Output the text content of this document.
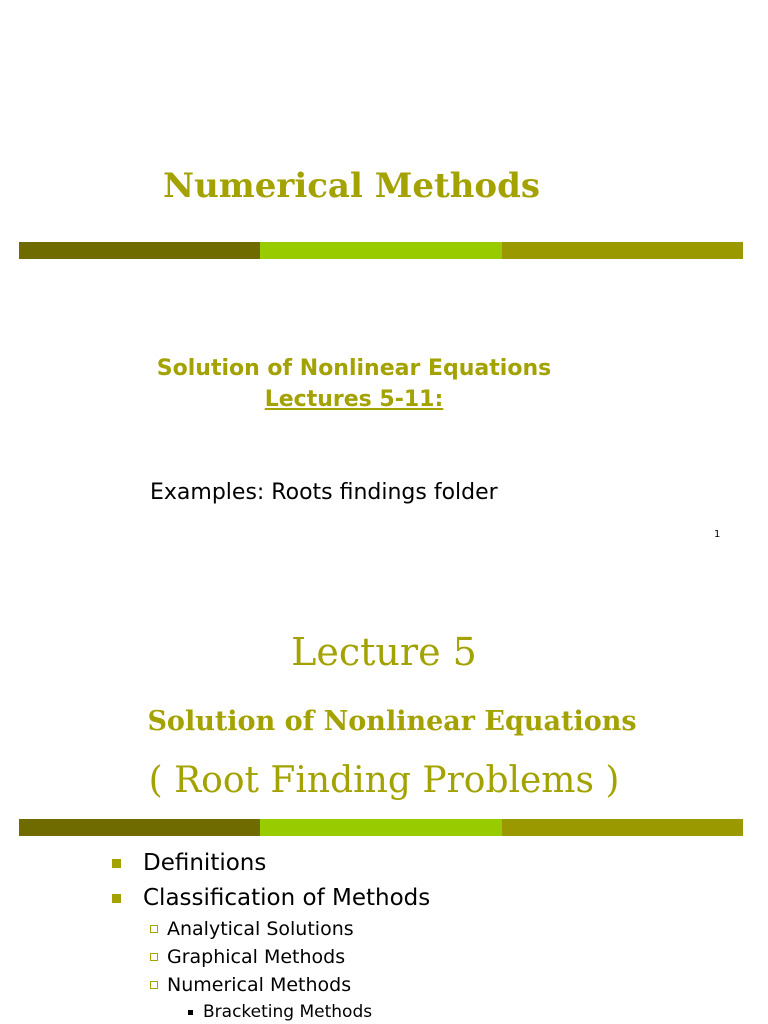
Numerical Methods
Solution of Nonlinear Equations
Lectures 5-11:
Examples: Roots findings folder
1
Lecture 5
Solution of Nonlinear Equations
( Root Finding Problems )
Definitions
Classification of Methods
Analytical Solutions
Graphical Methods
Numerical Methods
Bracketing Methods
